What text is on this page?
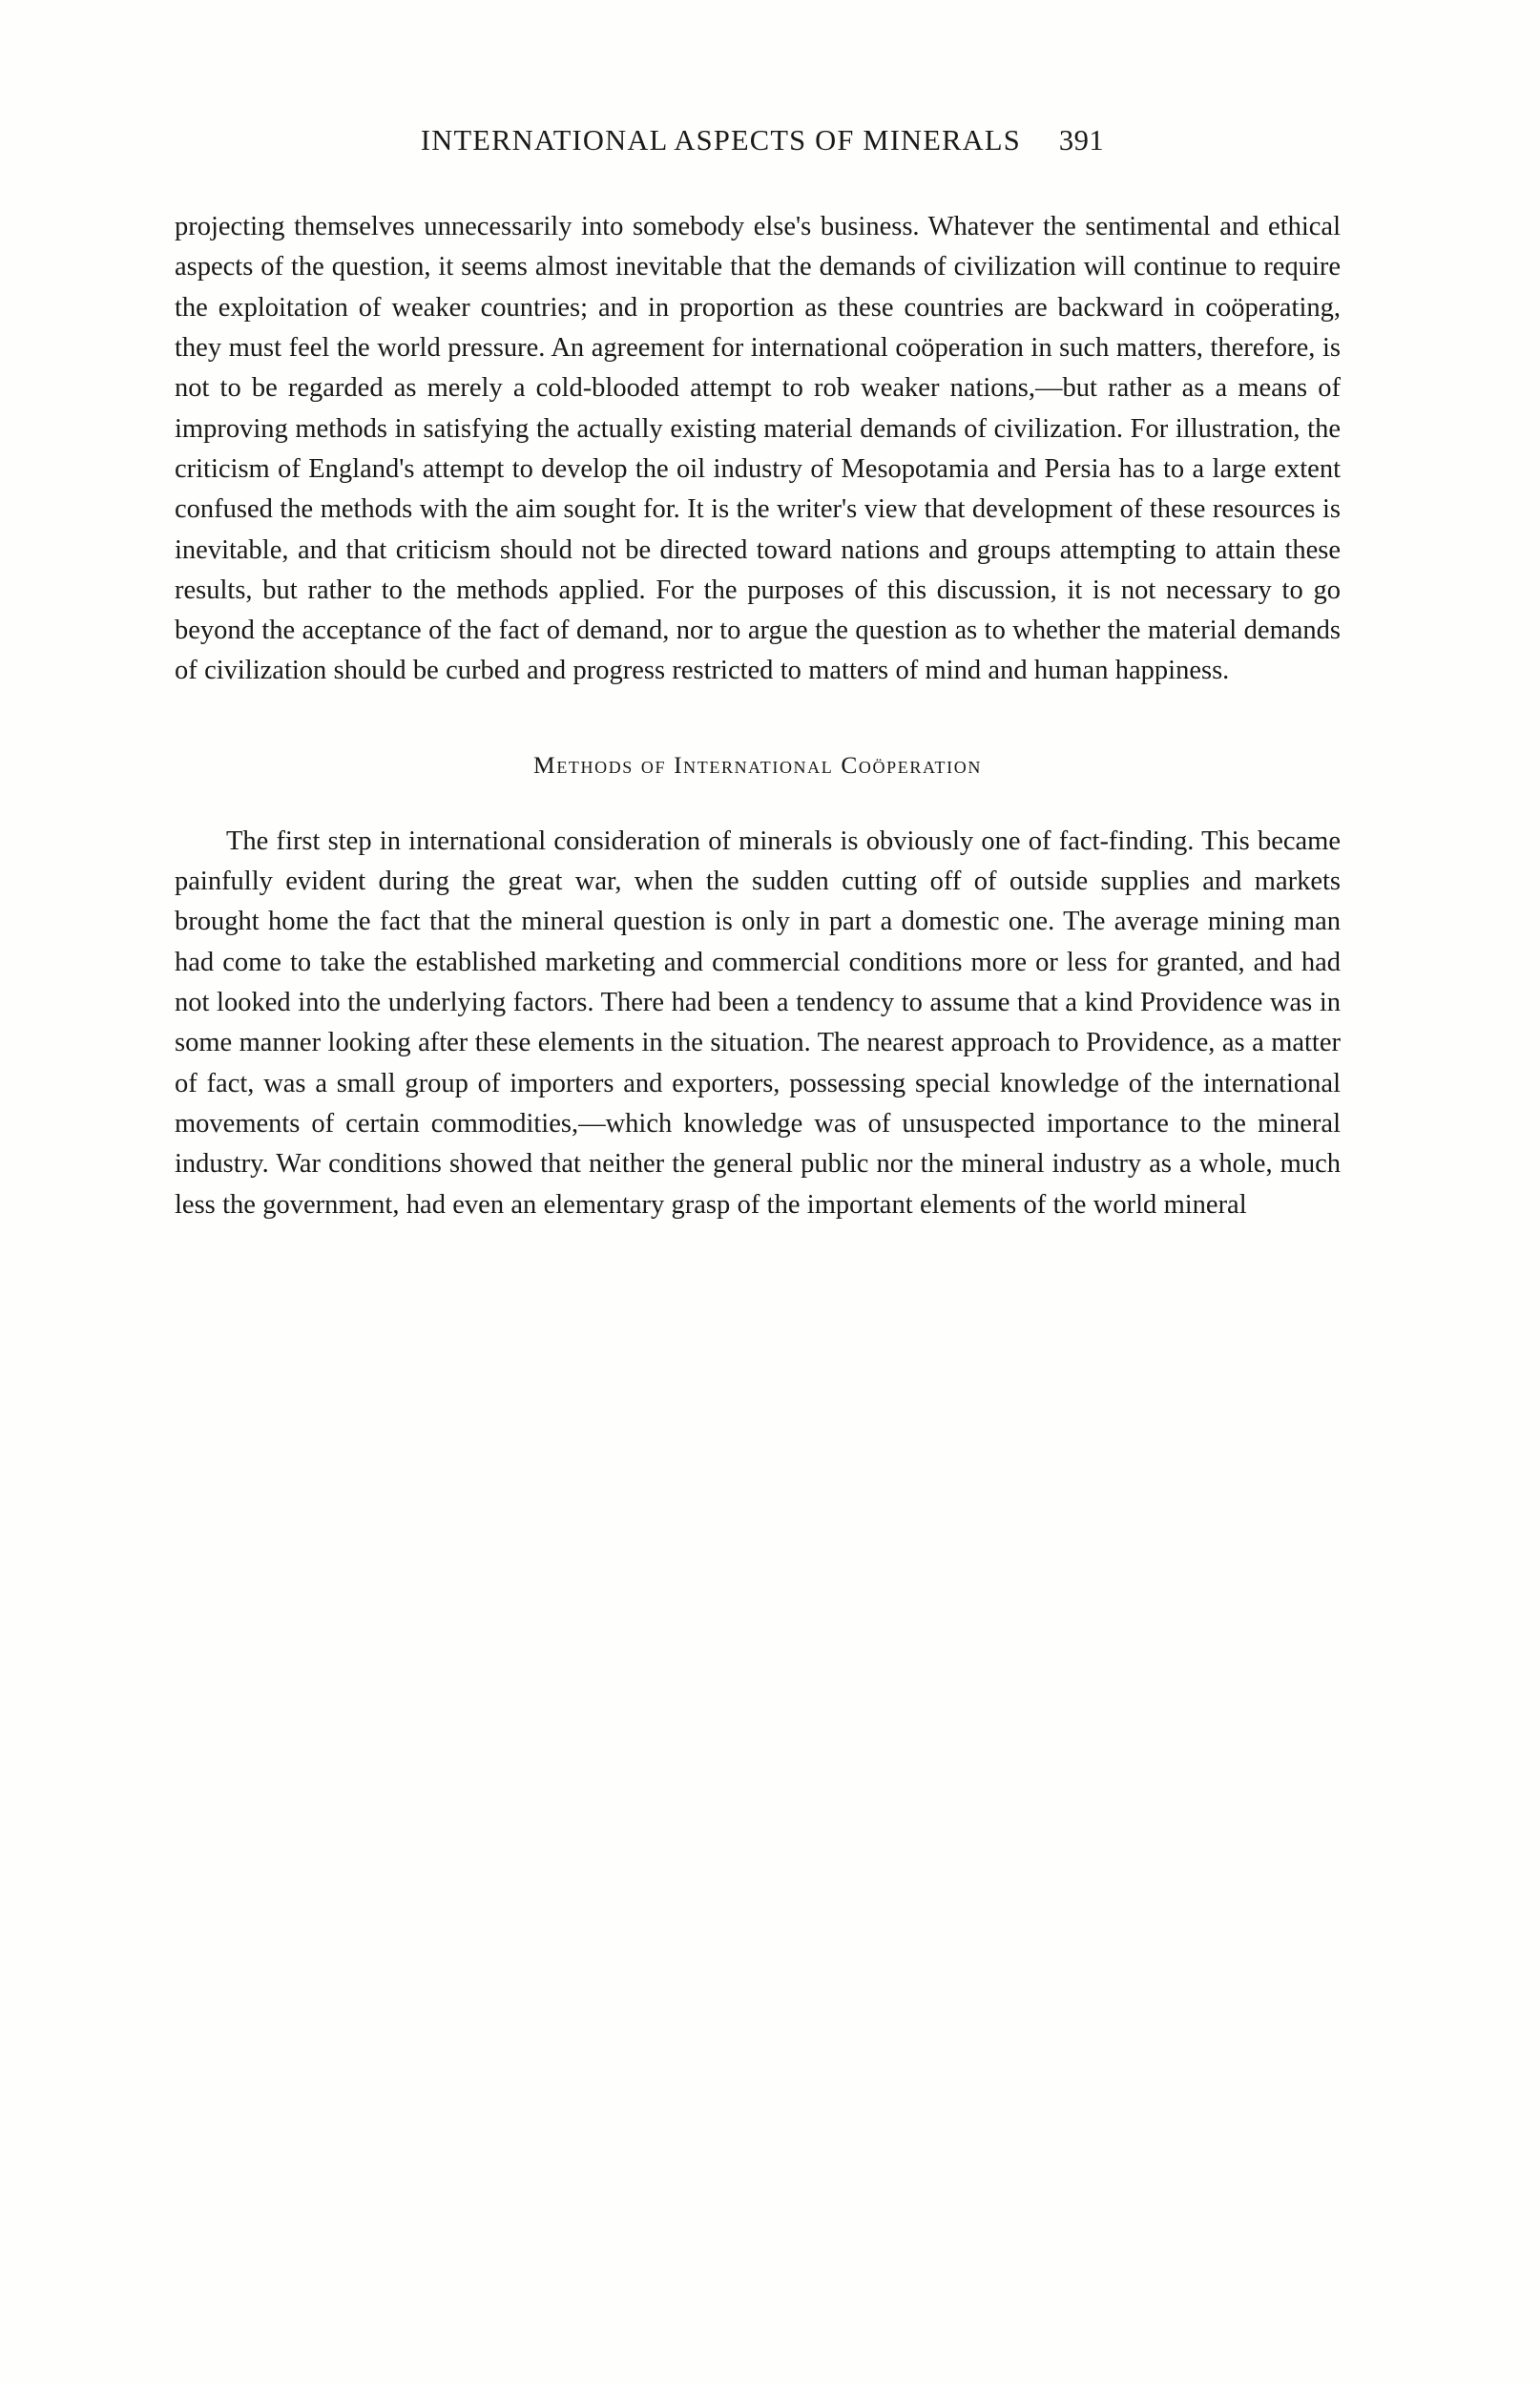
INTERNATIONAL ASPECTS OF MINERALS 391

projecting themselves unnecessarily into somebody else's business. Whatever the sentimental and ethical aspects of the question, it seems almost inevitable that the demands of civilization will continue to require the exploitation of weaker countries; and in proportion as these countries are backward in coöperating, they must feel the world pressure. An agreement for international coöperation in such matters, therefore, is not to be regarded as merely a cold-blooded attempt to rob weaker nations,—but rather as a means of improving methods in satisfying the actually existing material demands of civilization. For illustration, the criticism of England's attempt to develop the oil industry of Mesopotamia and Persia has to a large extent confused the methods with the aim sought for. It is the writer's view that development of these resources is inevitable, and that criticism should not be directed toward nations and groups attempting to attain these results, but rather to the methods applied. For the purposes of this discussion, it is not necessary to go beyond the acceptance of the fact of demand, nor to argue the question as to whether the material demands of civilization should be curbed and progress restricted to matters of mind and human happiness.

Methods of International Coöperation

The first step in international consideration of minerals is obviously one of fact-finding. This became painfully evident during the great war, when the sudden cutting off of outside supplies and markets brought home the fact that the mineral question is only in part a domestic one. The average mining man had come to take the established marketing and commercial conditions more or less for granted, and had not looked into the underlying factors. There had been a tendency to assume that a kind Providence was in some manner looking after these elements in the situation. The nearest approach to Providence, as a matter of fact, was a small group of importers and exporters, possessing special knowledge of the international movements of certain commodities,—which knowledge was of unsuspected importance to the mineral industry. War conditions showed that neither the general public nor the mineral industry as a whole, much less the government, had even an elementary grasp of the important elements of the world mineral
